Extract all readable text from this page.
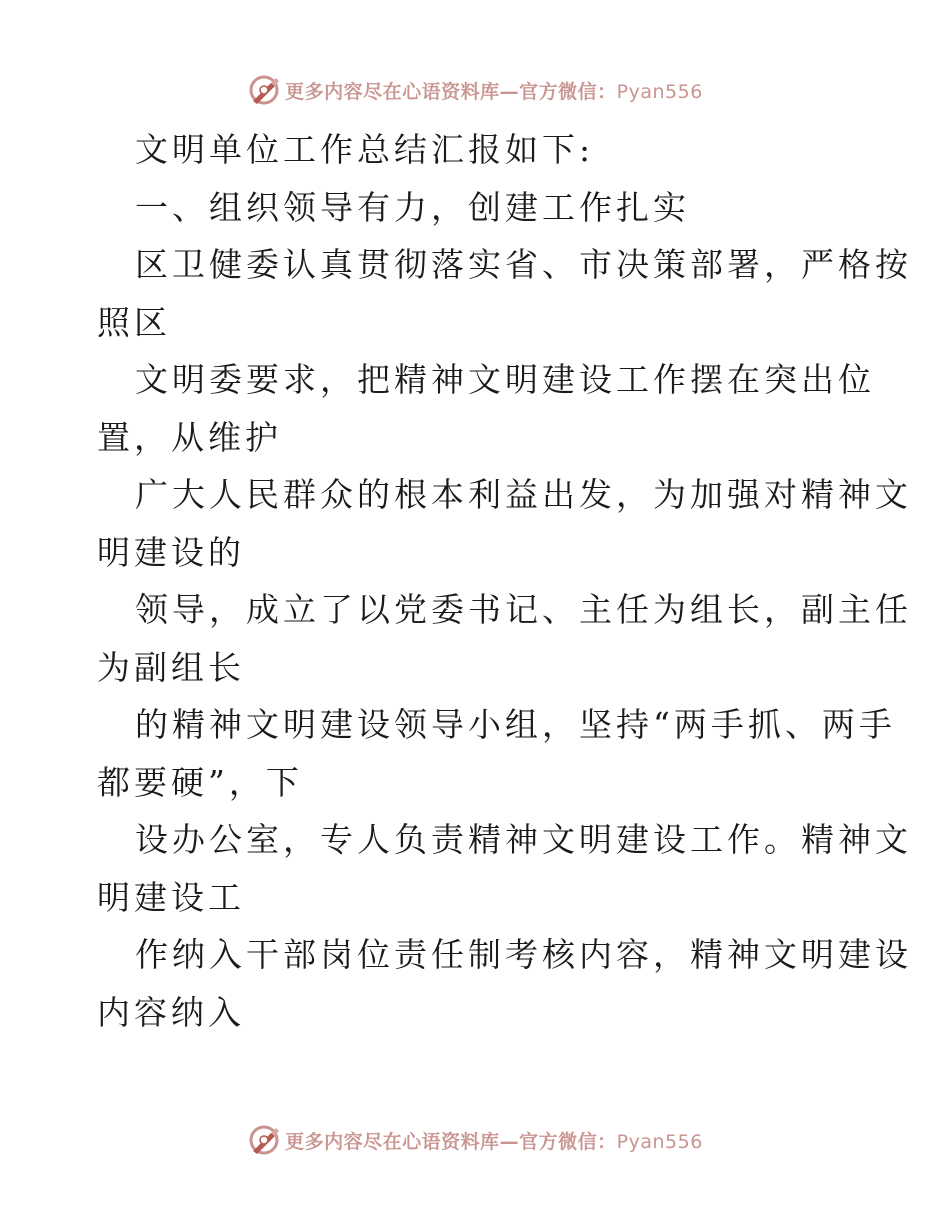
更多内容尽在心语资料库—官方微信：Pyan556
文明单位工作总结汇报如下:
一、组织领导有力，创建工作扎实
区卫健委认真贯彻落实省、市决策部署，严格按
照区
文明委要求，把精神文明建设工作摆在突出位
置，从维护
广大人民群众的根本利益出发，为加强对精神文
明建设的
领导，成立了以党委书记、主任为组长，副主任
为副组长
的精神文明建设领导小组，坚持“两手抓、两手
都要硬”，下
设办公室，专人负责精神文明建设工作。精神文
明建设工
作纳入干部岗位责任制考核内容，精神文明建设
内容纳入
更多内容尽在心语资料库—官方微信：Pyan556
